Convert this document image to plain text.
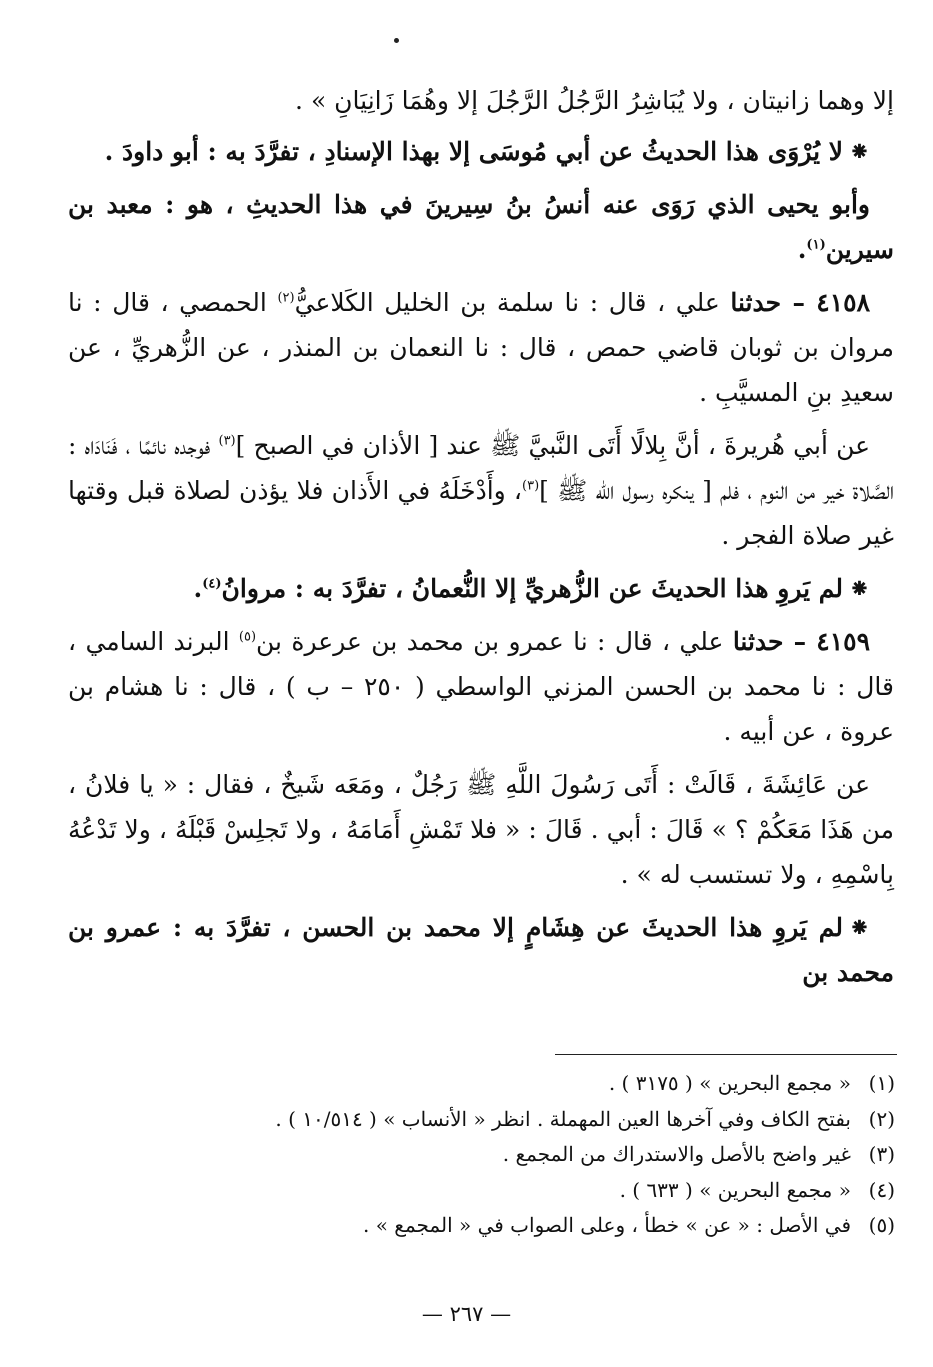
إلا وهما زانيتان ، ولا يُبَاشِرُ الرَّجُلُ الرَّجُلَ إلا وهُمَا زَانِيَانِ » .

⁕لا يُرْوَى هذا الحديثُ عن أبي مُوسَى إلا بهذا الإسنادِ ، تفرَّدَ به : أبو داودَ .

وأبو يحيى الذي رَوَى عنه أنسُ بنُ سِيرينَ في هذا الحديثِ ، هو : معبد بن سيرين$^{(١)}$.

٤١٥٨ – حدثنا علي ، قال : نا سلمة بن الخليل الكَلاعيُّ$^{(٢)}$ الحمصي ، قال : نا مروان بن ثوبان قاضي حمص ، قال : نا النعمان بن المنذر ، عن الزُّهريِّ ، عن سعيدِ بنِ المسيَّبِ .

عن أبي هُريرةَ ، أنَّ بِلالًا أَتَى النَّبيَّ ﷺ عند [ الأذان في الصبح ]$^{(٣)}$ فوجده نائمًا ، فَنَادَاه : الصَّلاة خير من النوم ، فلم [ ينكره رسول الله ﷺ ]$^{(٣)}$، وأَدْخَلَهُ في الأَذان فلا يؤذن لصلاة قبل وقتها غير صلاة الفجر .

⁕لم يَروِ هذا الحديثَ عن الزُّهريِّ إلا النُّعمانُ ، تفرَّدَ به : مروانُ$^{(٤)}$.

٤١٥٩ – حدثنا علي ، قال : نا عمرو بن محمد بن عرعرة بن$^{(٥)}$ البرند السامي ، قال : نا محمد بن الحسن المزني الواسطي ( ٢٥٠ – ب ) ، قال : نا هشام بن عروة ، عن أبيه .

عن عَائِشَةَ ، قَالَتْ : أَتَى رَسُولَ اللَّهِ ﷺ رَجُلٌ ، ومَعَه شَيخٌ ، فقال : « يا فلانُ ، من هَذَا مَعَكُمْ ؟ » قَالَ : أبي . قَالَ : « فلا تَمْشِ أَمَامَهُ ، ولا تَجلِسْ قَبْلَهُ ، ولا تَدْعُهُ بِاسْمِهِ ، ولا تستسب له » .

⁕لم يَروِ هذا الحديثَ عن هِشَامٍ إلا محمد بن الحسن ، تفرَّدَ به : عمرو بن محمد بن

(١)« مجمع البحرين » ( ٣١٧٥ ) .

(٢)بفتح الكاف وفي آخرها العين المهملة . انظر « الأنساب » ( ١٠/٥١٤ ) .

(٣)غير واضح بالأصل والاستدراك من المجمع .

(٤)« مجمع البحرين » ( ٦٣٣ ) .

(٥)في الأصل : « عن » خطأ ، وعلى الصواب في « المجمع » .

— ٢٦٧ —
